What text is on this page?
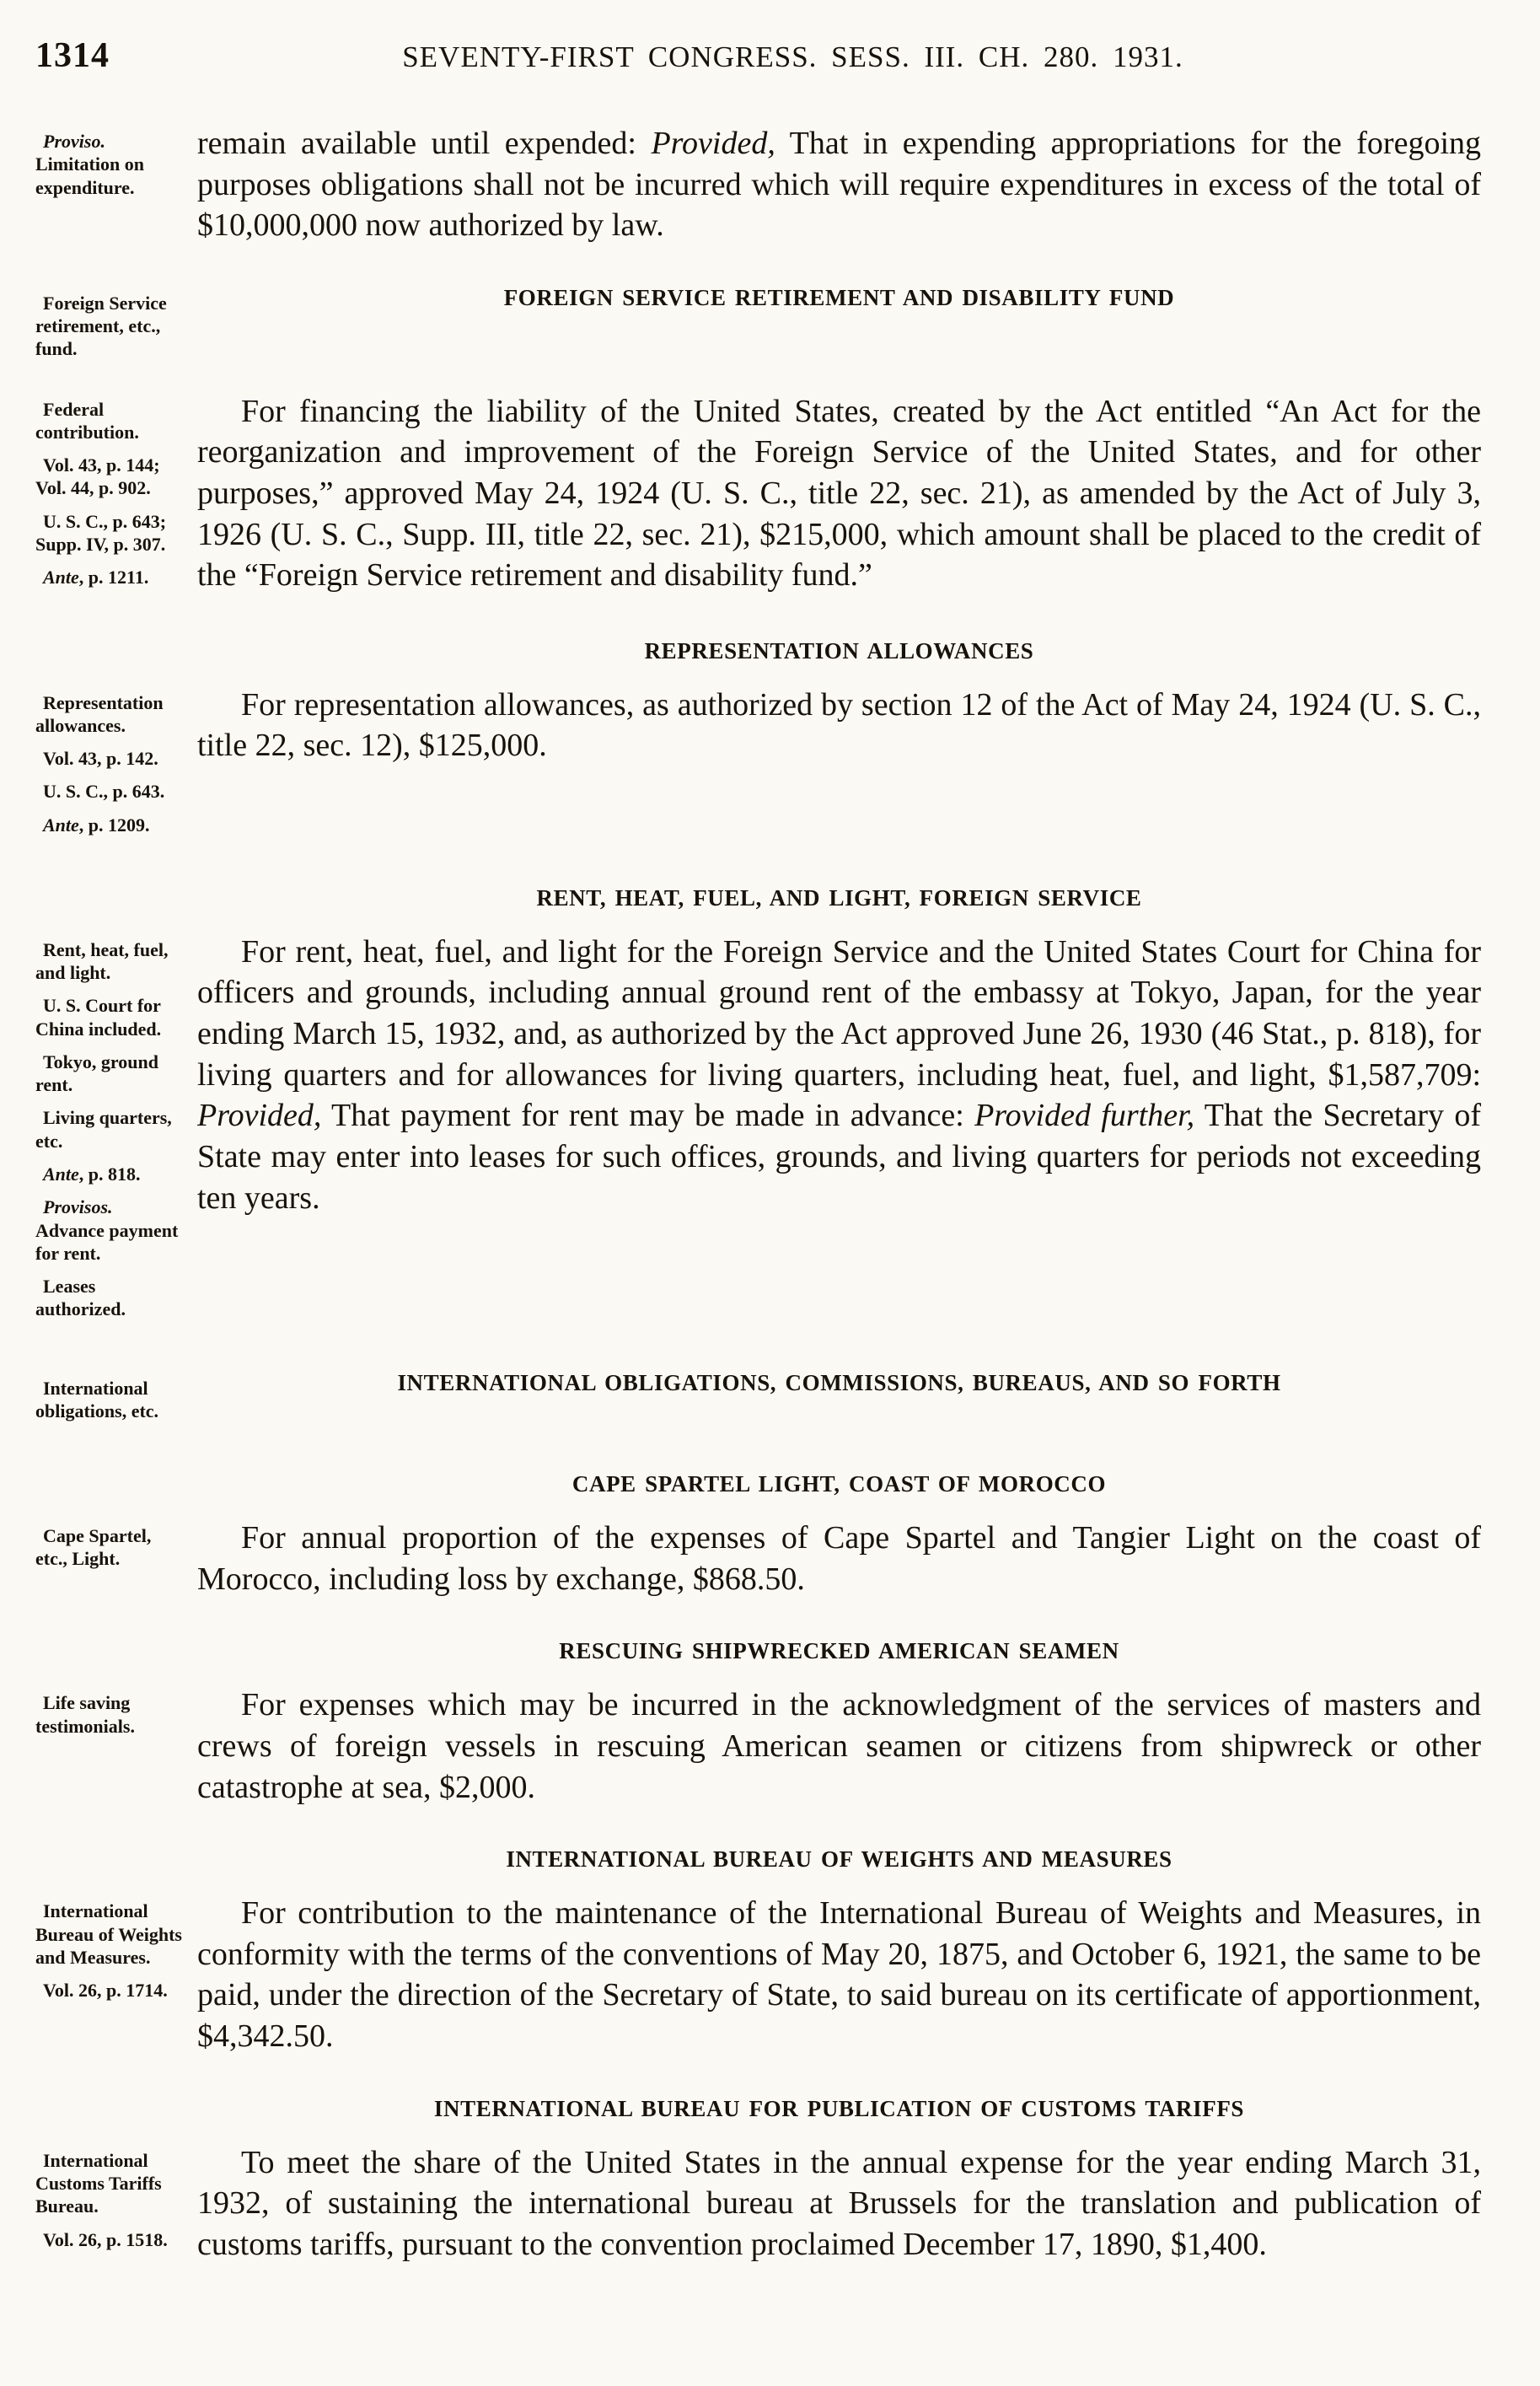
1314	SEVENTY-FIRST CONGRESS. SESS. III. CH. 280. 1931.

Proviso. Limitation on expenditure.

remain available until expended: Provided, That in expending appropriations for the foregoing purposes obligations shall not be incurred which will require expenditures in excess of the total of $10,000,000 now authorized by law.

Foreign Service retirement, etc., fund.

FOREIGN SERVICE RETIREMENT AND DISABILITY FUND

Federal contribution.

Vol. 43, p. 144; Vol. 44, p. 902.

U. S. C., p. 643; Supp. IV, p. 307.

Ante, p. 1211.

For financing the liability of the United States, created by the Act entitled “An Act for the reorganization and improvement of the Foreign Service of the United States, and for other purposes,” approved May 24, 1924 (U. S. C., title 22, sec. 21), as amended by the Act of July 3, 1926 (U. S. C., Supp. III, title 22, sec. 21), $215,000, which amount shall be placed to the credit of the “Foreign Service retirement and disability fund.”

REPRESENTATION ALLOWANCES

Representation allowances.

Vol. 43, p. 142.

U. S. C., p. 643.

Ante, p. 1209.

For representation allowances, as authorized by section 12 of the Act of May 24, 1924 (U. S. C., title 22, sec. 12), $125,000.

RENT, HEAT, FUEL, AND LIGHT, FOREIGN SERVICE

Rent, heat, fuel, and light.

U. S. Court for China included.

Tokyo, ground rent.

Living quarters, etc.

Ante, p. 818.

Provisos. Advance payment for rent.

Leases authorized.

For rent, heat, fuel, and light for the Foreign Service and the United States Court for China for officers and grounds, including annual ground rent of the embassy at Tokyo, Japan, for the year ending March 15, 1932, and, as authorized by the Act approved June 26, 1930 (46 Stat., p. 818), for living quarters and for allowances for living quarters, including heat, fuel, and light, $1,587,709: Provided, That payment for rent may be made in advance: Provided further, That the Secretary of State may enter into leases for such offices, grounds, and living quarters for periods not exceeding ten years.

International obligations, etc.

INTERNATIONAL OBLIGATIONS, COMMISSIONS, BUREAUS, AND SO FORTH
CAPE SPARTEL LIGHT, COAST OF MOROCCO

Cape Spartel, etc., Light.

For annual proportion of the expenses of Cape Spartel and Tangier Light on the coast of Morocco, including loss by exchange, $868.50.

RESCUING SHIPWRECKED AMERICAN SEAMEN

Life saving testimonials.

For expenses which may be incurred in the acknowledgment of the services of masters and crews of foreign vessels in rescuing American seamen or citizens from shipwreck or other catastrophe at sea, $2,000.

INTERNATIONAL BUREAU OF WEIGHTS AND MEASURES

International Bureau of Weights and Measures.

Vol. 26, p. 1714.

For contribution to the maintenance of the International Bureau of Weights and Measures, in conformity with the terms of the conventions of May 20, 1875, and October 6, 1921, the same to be paid, under the direction of the Secretary of State, to said bureau on its certificate of apportionment, $4,342.50.

INTERNATIONAL BUREAU FOR PUBLICATION OF CUSTOMS TARIFFS

International Customs Tariffs Bureau.

Vol. 26, p. 1518.

To meet the share of the United States in the annual expense for the year ending March 31, 1932, of sustaining the international bureau at Brussels for the translation and publication of customs tariffs, pursuant to the convention proclaimed December 17, 1890, $1,400.
